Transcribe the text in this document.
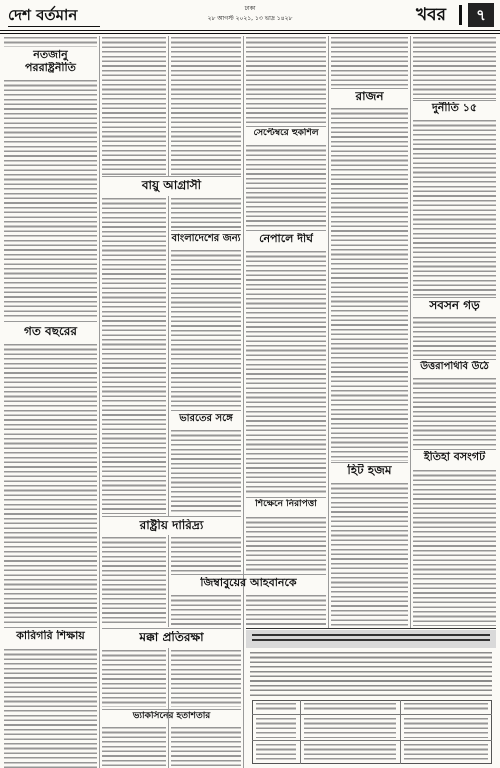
দেশ বর্তমান	ঢাকা
২৮ আগস্ট ২০২১, ১৩ ভাদ্র ১৪২৮	খবর	৭
নতজানু
পররাষ্ট্রনীতি
গত বছরের
কারিগরি শিক্ষায়
বায়ু আগ্রাসী
বাংলাদেশের জন্য
ভারতের সঙ্গে
রাষ্ট্রীয় দারিদ্র্য
জিম্বাবুয়ের আহবানকে
মক্কা প্রতিরক্ষা
ভ্যাকসিনের হতাশতার
সেপ্টেম্বরে হুকশিল
নেপালে দীর্ঘ
শিক্ষেনে নিরাপত্তা
রাজন
হিট হজম
দুর্নীতি ১৫
সবসন গড়
উত্তরাপথিবি উঠে
ইতিহা বসংগট
